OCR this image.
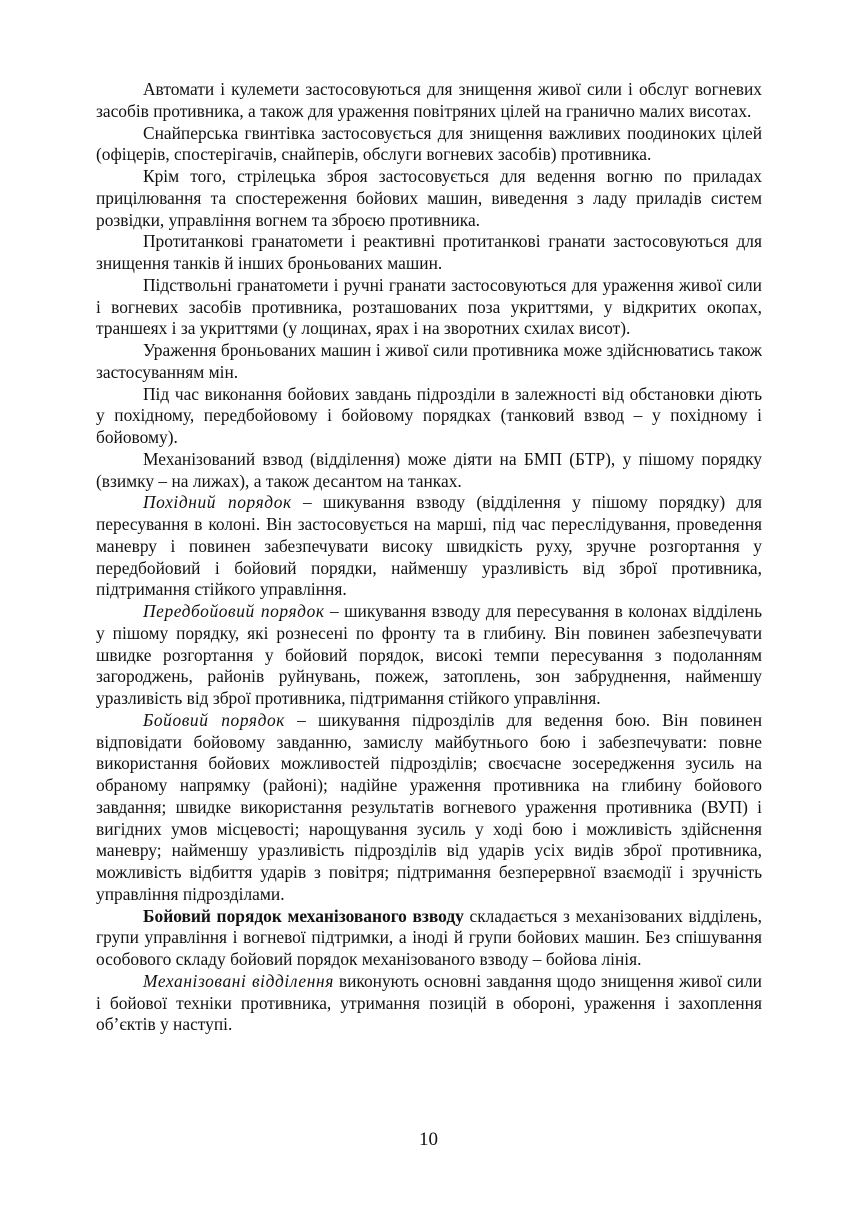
Автомати і кулемети застосовуються для знищення живої сили і обслуг вогневих засобів противника, а також для ураження повітряних цілей на гранично малих висотах.

Снайперська гвинтівка застосовується для знищення важливих поодиноких цілей (офіцерів, спостерігачів, снайперів, обслуги вогневих засобів) противника.

Крім того, стрілецька зброя застосовується для ведення вогню по приладах прицілювання та спостереження бойових машин, виведення з ладу приладів систем розвідки, управління вогнем та зброєю противника.

Протитанкові гранатомети і реактивні протитанкові гранати застосовуються для знищення танків й інших броньованих машин.

Підствольні гранатомети і ручні гранати застосовуються для ураження живої сили і вогневих засобів противника, розташованих поза укриттями, у відкритих окопах, траншеях і за укриттями (у лощинах, ярах і на зворотних схилах висот).

Ураження броньованих машин і живої сили противника може здійснюватись також застосуванням мін.

Під час виконання бойових завдань підрозділи в залежності від обстановки діють у похідному, передбойовому і бойовому порядках (танковий взвод – у похідному і бойовому).

Механізований взвод (відділення) може діяти на БМП (БТР), у пішому порядку (взимку – на лижах), а також десантом на танках.

Похідний порядок – шикування взводу (відділення у пішому порядку) для пересування в колоні. Він застосовується на марші, під час переслідування, проведення маневру і повинен забезпечувати високу швидкість руху, зручне розгортання у передбойовий і бойовий порядки, найменшу уразливість від зброї противника, підтримання стійкого управління.

Передбойовий порядок – шикування взводу для пересування в колонах відділень у пішому порядку, які рознесені по фронту та в глибину. Він повинен забезпечувати швидке розгортання у бойовий порядок, високі темпи пересування з подоланням загороджень, районів руйнувань, пожеж, затоплень, зон забруднення, найменшу уразливість від зброї противника, підтримання стійкого управління.

Бойовий порядок – шикування підрозділів для ведення бою. Він повинен відповідати бойовому завданню, замислу майбутнього бою і забезпечувати: повне використання бойових можливостей підрозділів; своєчасне зосередження зусиль на обраному напрямку (районі); надійне ураження противника на глибину бойового завдання; швидке використання результатів вогневого ураження противника (ВУП) і вигідних умов місцевості; нарощування зусиль у ході бою і можливість здійснення маневру; найменшу уразливість підрозділів від ударів усіх видів зброї противника, можливість відбиття ударів з повітря; підтримання безперервної взаємодії і зручність управління підрозділами.

Бойовий порядок механізованого взводу складається з механізованих відділень, групи управління і вогневої підтримки, а іноді й групи бойових машин. Без спішування особового складу бойовий порядок механізованого взводу – бойова лінія.

Механізовані відділення виконують основні завдання щодо знищення живої сили і бойової техніки противника, утримання позицій в обороні, ураження і захоплення об’єктів у наступі.

10
